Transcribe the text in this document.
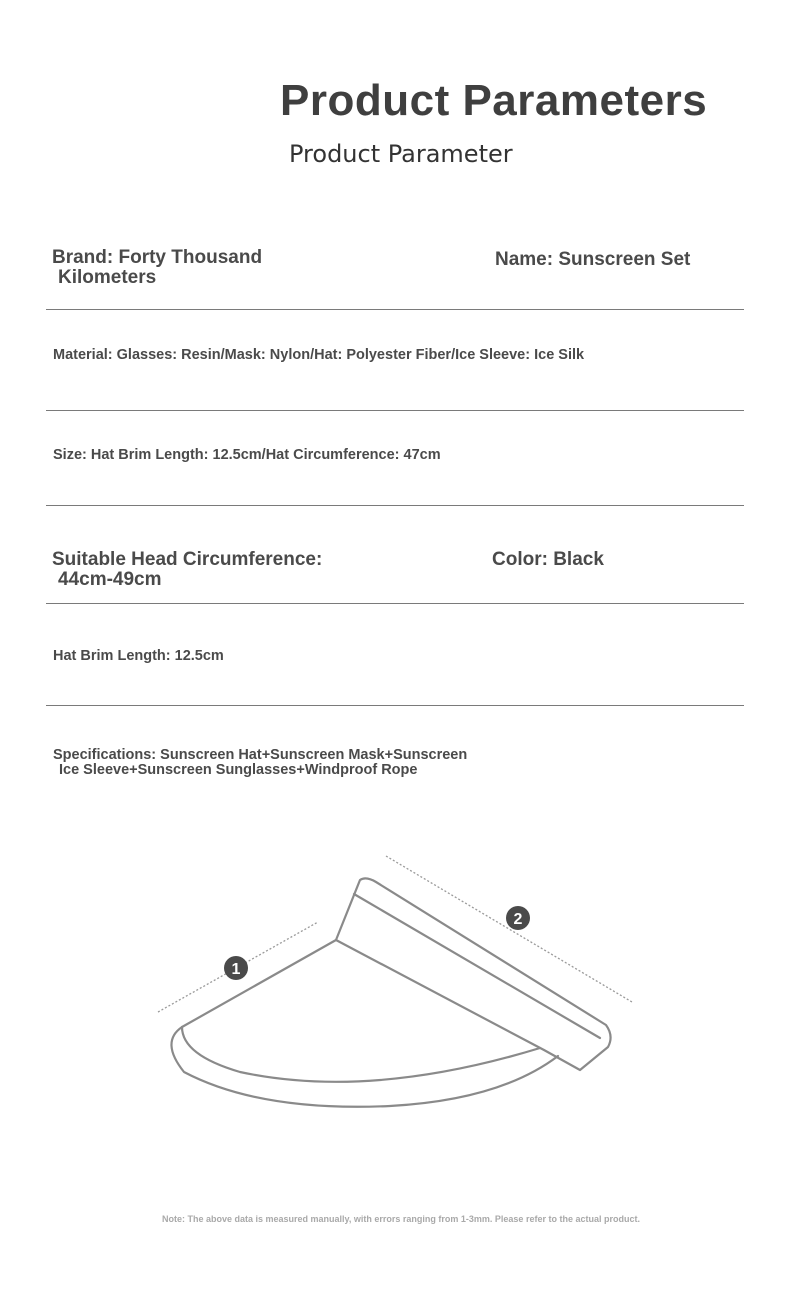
Product Parameters
Product Parameter
Brand: Forty Thousand
Kilometers
Name: Sunscreen Set
Material: Glasses: Resin/Mask: Nylon/Hat: Polyester Fiber/Ice Sleeve: Ice Silk
Size: Hat Brim Length: 12.5cm/Hat Circumference: 47cm
Suitable Head Circumference:
44cm-49cm
Color: Black
Hat Brim Length: 12.5cm
Specifications: Sunscreen Hat+Sunscreen Mask+Sunscreen
Ice Sleeve+Sunscreen Sunglasses+Windproof Rope
1
2
Note: The above data is measured manually, with errors ranging from 1-3mm. Please refer to the actual product.
